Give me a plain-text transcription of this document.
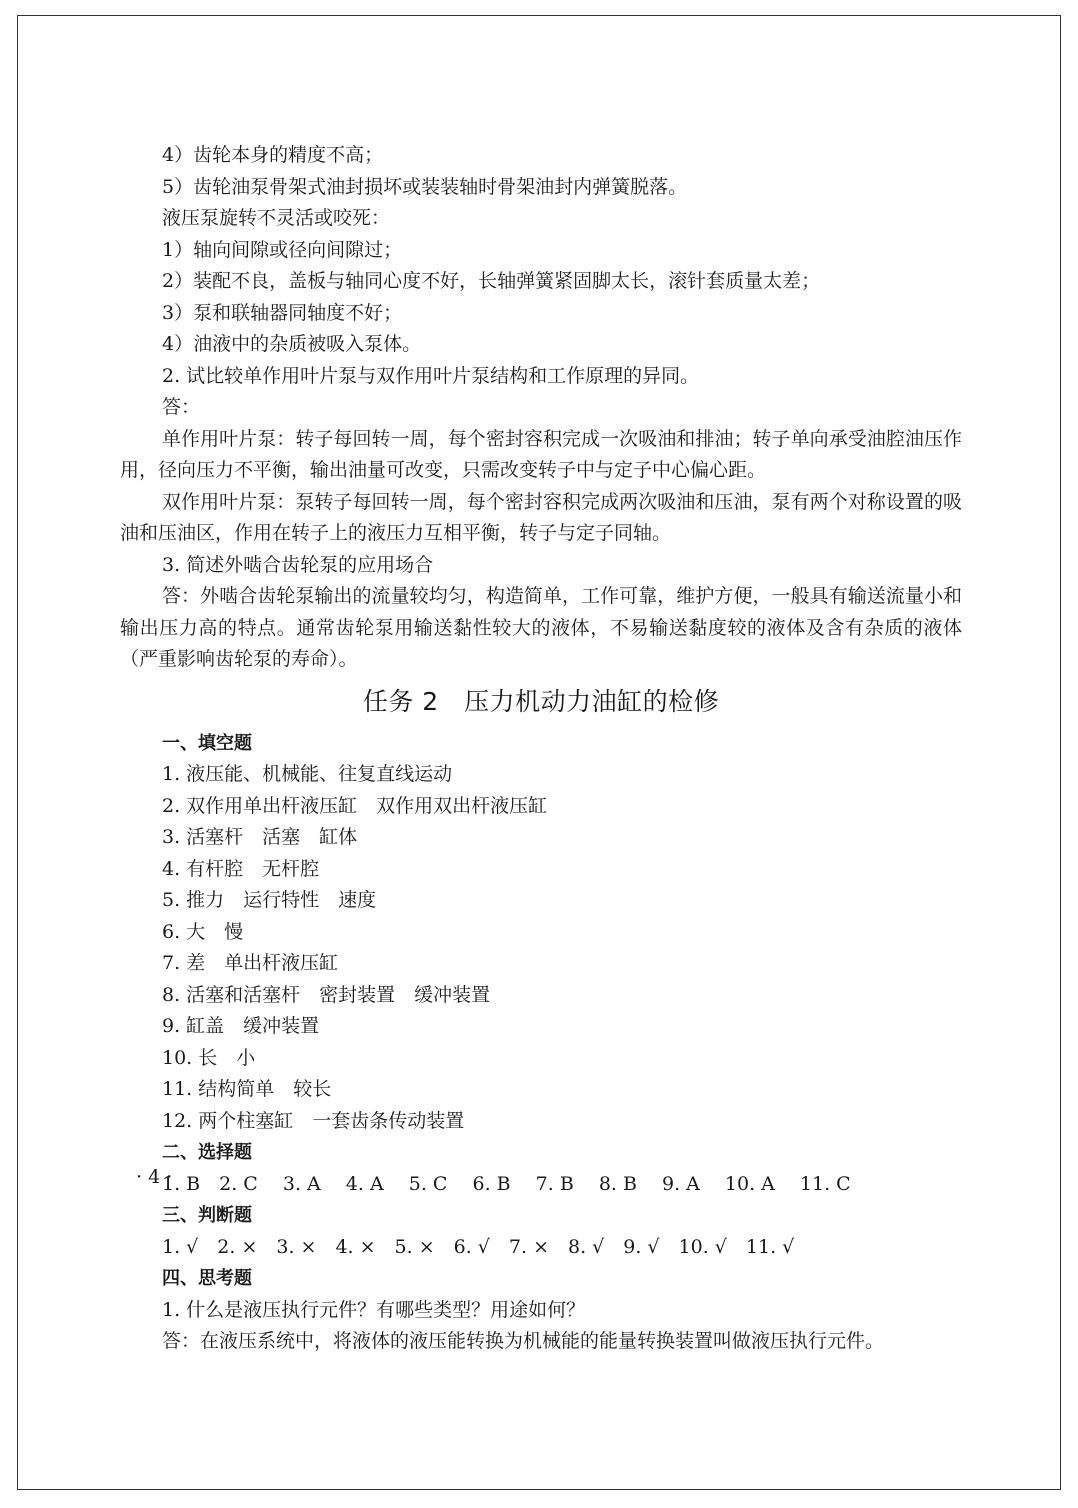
4）齿轮本身的精度不高；
5）齿轮油泵骨架式油封损坏或装装轴时骨架油封内弹簧脱落。
液压泵旋转不灵活或咬死：
1）轴向间隙或径向间隙过；
2）装配不良，盖板与轴同心度不好，长轴弹簧紧固脚太长，滚针套质量太差；
3）泵和联轴器同轴度不好；
4）油液中的杂质被吸入泵体。
2. 试比较单作用叶片泵与双作用叶片泵结构和工作原理的异同。
答：
单作用叶片泵：转子每回转一周，每个密封容积完成一次吸油和排油；转子单向承受油腔油压作用，径向压力不平衡，输出油量可改变，只需改变转子中与定子中心偏心距。
双作用叶片泵：泵转子每回转一周，每个密封容积完成两次吸油和压油，泵有两个对称设置的吸油和压油区，作用在转子上的液压力互相平衡，转子与定子同轴。
3. 简述外啮合齿轮泵的应用场合
答：外啮合齿轮泵输出的流量较均匀，构造简单，工作可靠，维护方便，一般具有输送流量小和输出压力高的特点。通常齿轮泵用输送黏性较大的液体，不易输送黏度较的液体及含有杂质的液体（严重影响齿轮泵的寿命）。
任务 2　压力机动力油缸的检修
一、填空题
1. 液压能、机械能、往复直线运动
2. 双作用单出杆液压缸　双作用双出杆液压缸
3. 活塞杆　活塞　缸体
4. 有杆腔　无杆腔
5. 推力　运行特性　速度
6. 大　慢
7. 差　单出杆液压缸
8. 活塞和活塞杆　密封装置　缓冲装置
9. 缸盖　缓冲装置
10. 长　小
11. 结构简单　较长
12. 两个柱塞缸　一套齿条传动装置
二、选择题
1. B　2. C　 3. A　 4. A　 5. C　 6. B　 7. B　 8. B　 9. A　 10. A　 11. C
三、判断题
1. √　2. ×　3. ×　4. ×　5. ×　6. √　7. ×　8. √　9. √　10. √　11. √
四、思考题
1. 什么是液压执行元件？有哪些类型？用途如何？
答：在液压系统中，将液体的液压能转换为机械能的能量转换装置叫做液压执行元件。
· 4 ·
